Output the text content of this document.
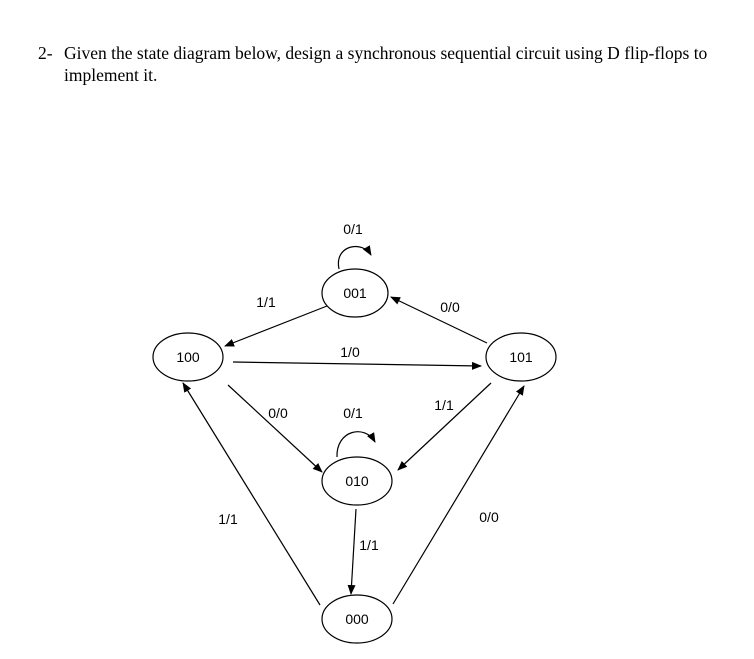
2- Given the state diagram below, design a synchronous sequential circuit using D flip-flops to implement it.
001
100	101
010
000
0/1
1/1	0/0
1/0
0/0	0/1	1/1
1/1
1/1	0/0
